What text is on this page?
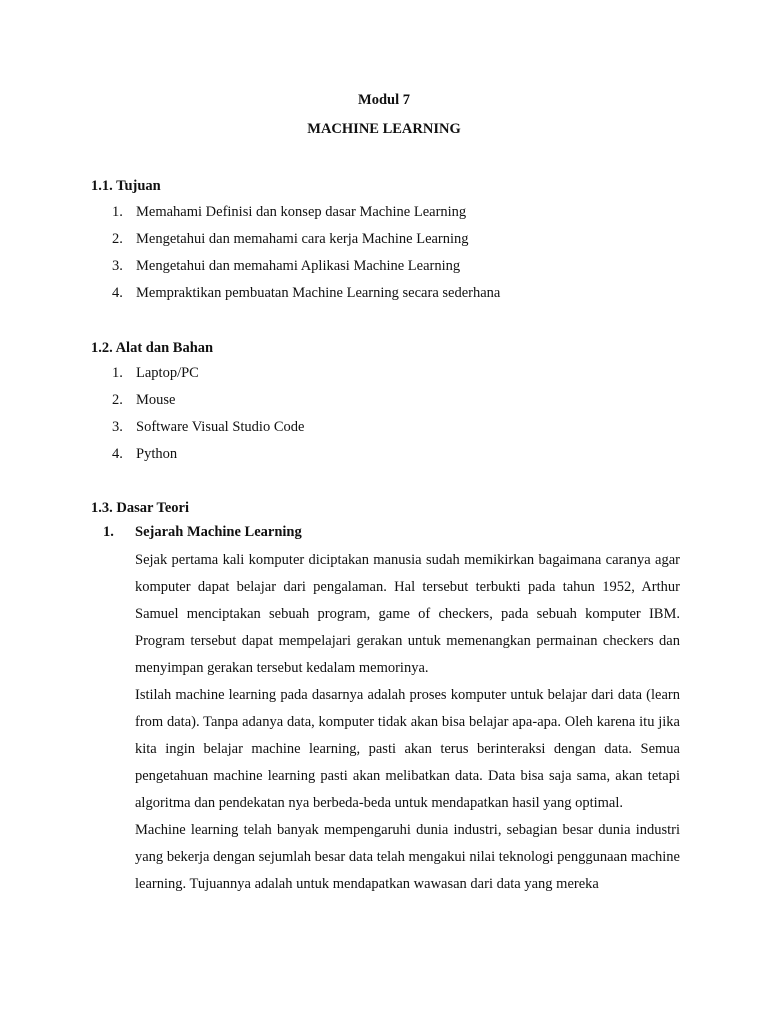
Modul 7
MACHINE LEARNING
1.1. Tujuan
1. Memahami Definisi dan konsep dasar Machine Learning
2. Mengetahui dan memahami cara kerja Machine Learning
3. Mengetahui dan memahami Aplikasi Machine Learning
4. Mempraktikan pembuatan Machine Learning secara sederhana
1.2. Alat dan Bahan
1. Laptop/PC
2. Mouse
3. Software Visual Studio Code
4. Python
1.3. Dasar Teori
1. Sejarah Machine Learning

Sejak pertama kali komputer diciptakan manusia sudah memikirkan bagaimana caranya agar komputer dapat belajar dari pengalaman. Hal tersebut terbukti pada tahun 1952, Arthur Samuel menciptakan sebuah program, game of checkers, pada sebuah komputer IBM. Program tersebut dapat mempelajari gerakan untuk memenangkan permainan checkers dan menyimpan gerakan tersebut kedalam memorinya.

Istilah machine learning pada dasarnya adalah proses komputer untuk belajar dari data (learn from data). Tanpa adanya data, komputer tidak akan bisa belajar apa-apa. Oleh karena itu jika kita ingin belajar machine learning, pasti akan terus berinteraksi dengan data. Semua pengetahuan machine learning pasti akan melibatkan data. Data bisa saja sama, akan tetapi algoritma dan pendekatan nya berbeda-beda untuk mendapatkan hasil yang optimal.

Machine learning telah banyak mempengaruhi dunia industri, sebagian besar dunia industri yang bekerja dengan sejumlah besar data telah mengakui nilai teknologi penggunaan machine learning. Tujuannya adalah untuk mendapatkan wawasan dari data yang mereka
